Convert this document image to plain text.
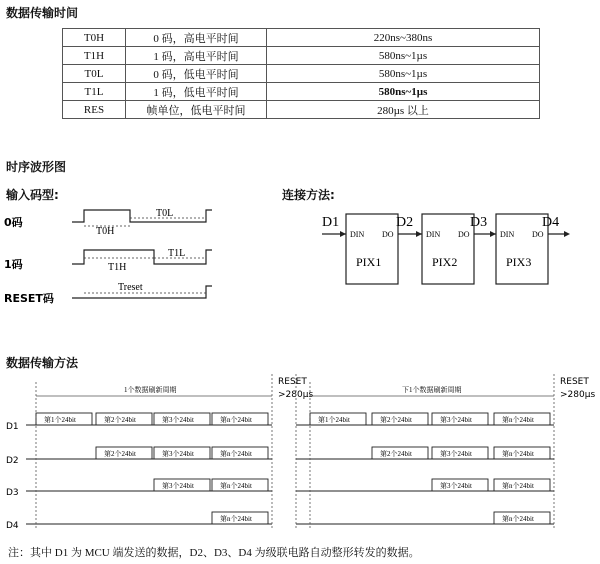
数据传输时间
T0H	0 码，高电平时间	220ns~380ns
T1H	1 码，高电平时间	580ns~1µs
T0L	0 码，低电平时间	580ns~1µs
T1L	1 码，低电平时间	580ns~1µs
RES	帧单位，低电平时间	280µs 以上
时序波形图
输入码型:	连接方法:
0码
1码
RESET码
T0H
T0L
T1H
T1L
Treset
D1	D2	D3	D4
DIN DO	DIN DO	DIN DO
PIX1	PIX2	PIX3
数据传输方法
D1
D2
D3
D4
1个数据刷新周期
RESET
>280µs	下1个数据刷新周期
RESET
>280µs
第1个24bit	第2个24bit	第3个24bit	第n个24bit
第2个24bit	第3个24bit	第n个24bit
第3个24bit	第n个24bit
第n个24bit
第1个24bit	第2个24bit	第3个24bit	第n个24bit
第2个24bit	第3个24bit	第n个24bit
第3个24bit	第n个24bit
第n个24bit
注：其中 D1 为 MCU 端发送的数据，D2、D3、D4 为级联电路自动整形转发的数据。
